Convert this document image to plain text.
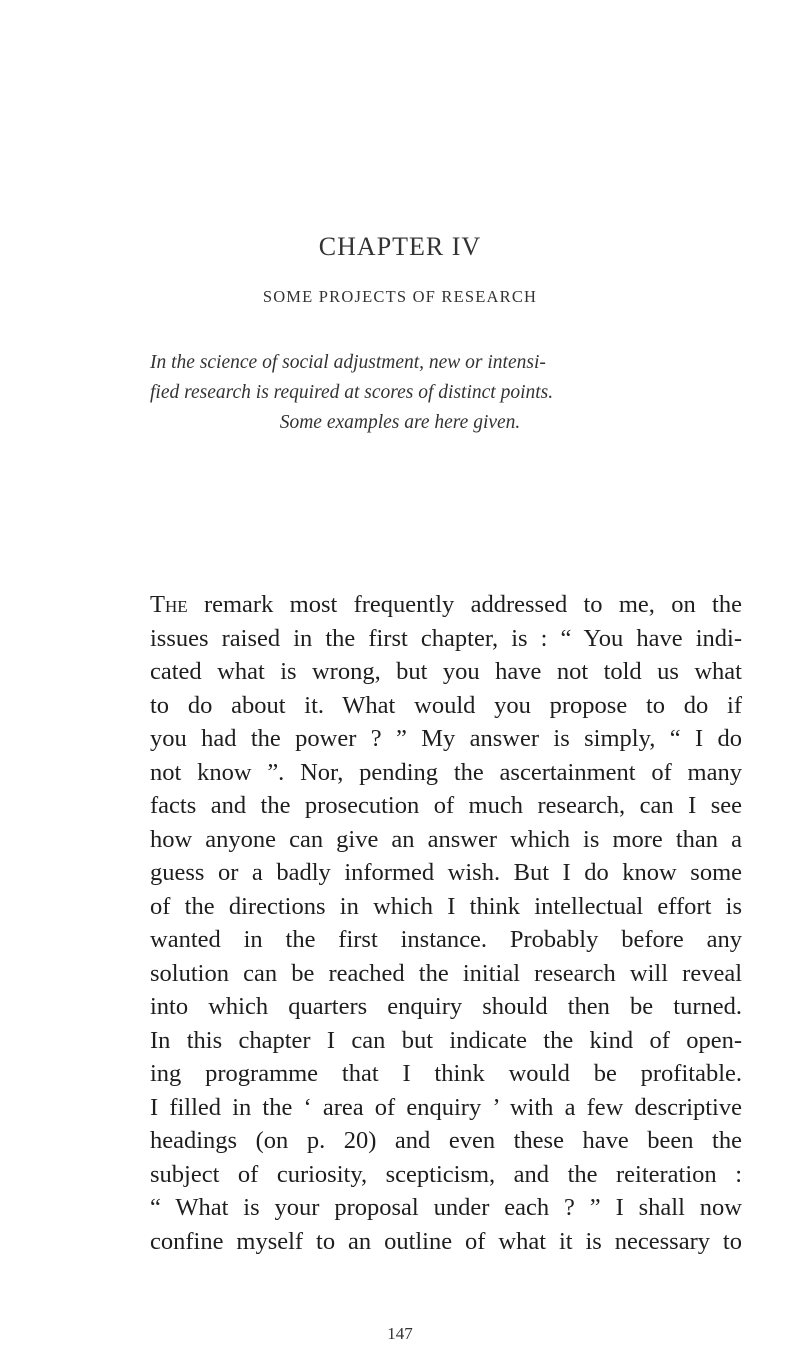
CHAPTER IV
SOME PROJECTS OF RESEARCH
In the science of social adjustment, new or intensi-
fied research is required at scores of distinct points.
Some examples are here given.
The remark most frequently addressed to me, on the
issues raised in the first chapter, is : “ You have indi-
cated what is wrong, but you have not told us what
to do about it. What would you propose to do if
you had the power ? ” My answer is simply, “ I do
not know ”. Nor, pending the ascertainment of many
facts and the prosecution of much research, can I see
how anyone can give an answer which is more than a
guess or a badly informed wish. But I do know some
of the directions in which I think intellectual effort is
wanted in the first instance. Probably before any
solution can be reached the initial research will reveal
into which quarters enquiry should then be turned.
In this chapter I can but indicate the kind of open-
ing programme that I think would be profitable.
I filled in the ‘ area of enquiry ’ with a few descriptive
headings (on p. 20) and even these have been the
subject of curiosity, scepticism, and the reiteration :
“ What is your proposal under each ? ” I shall now
confine myself to an outline of what it is necessary to
147
